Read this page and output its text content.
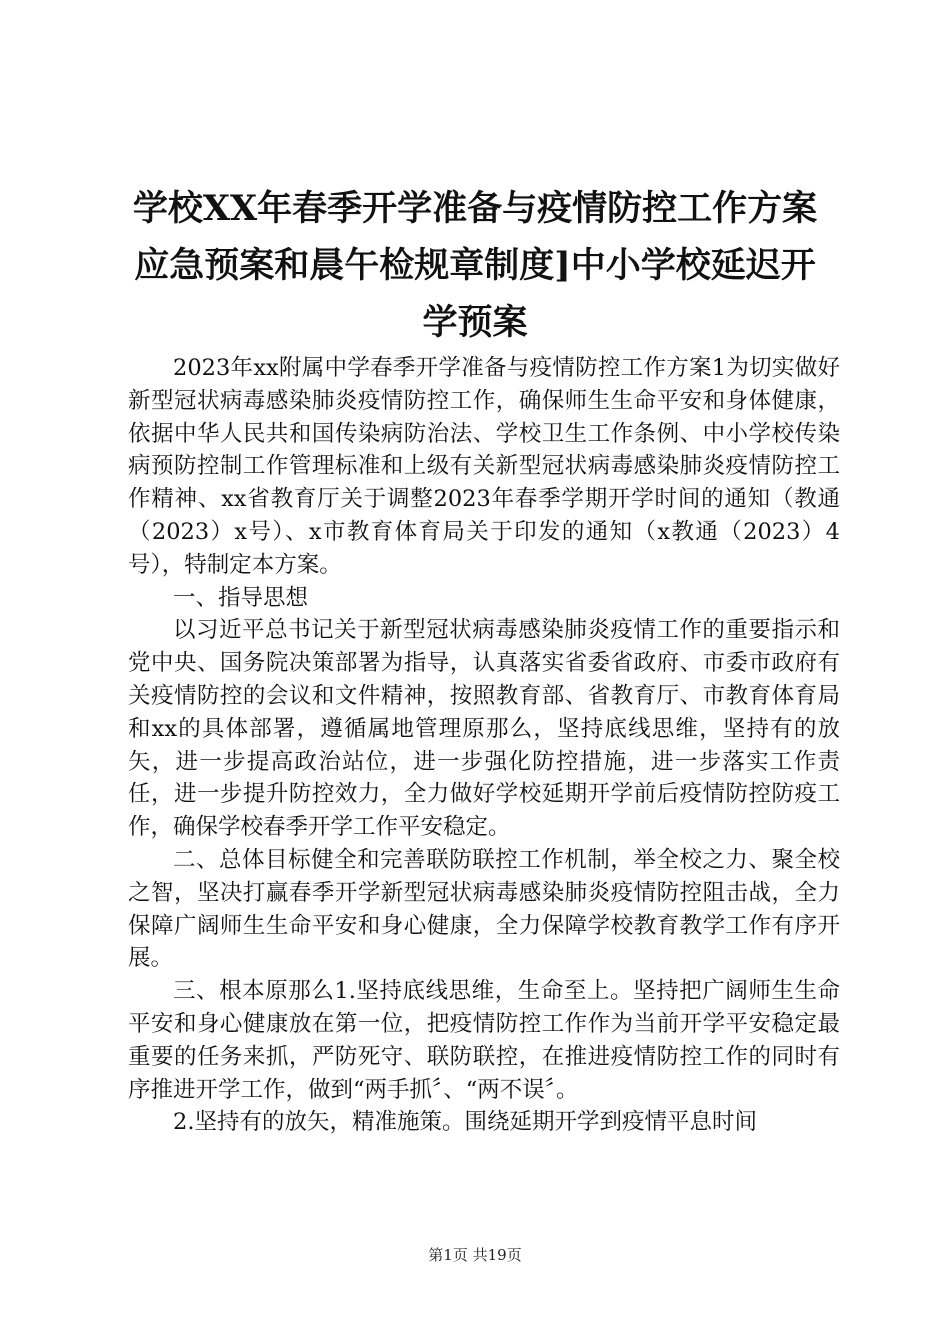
学校XX年春季开学准备与疫情防控工作方案
应急预案和晨午检规章制度]中小学校延迟开
学预案

2023年xx附属中学春季开学准备与疫情防控工作方案1为切实做好新型冠状病毒感染肺炎疫情防控工作，确保师生生命平安和身体健康，依据中华人民共和国传染病防治法、学校卫生工作条例、中小学校传染病预防控制工作管理标准和上级有关新型冠状病毒感染肺炎疫情防控工作精神、xx省教育厅关于调整2023年春季学期开学时间的通知（教通（2023）x号）、x市教育体育局关于印发的通知（x教通（2023）4号），特制定本方案。

一、指导思想

以习近平总书记关于新型冠状病毒感染肺炎疫情工作的重要指示和党中央、国务院决策部署为指导，认真落实省委省政府、市委市政府有关疫情防控的会议和文件精神，按照教育部、省教育厅、市教育体育局和xx的具体部署，遵循属地管理原那么，坚持底线思维，坚持有的放矢，进一步提高政治站位，进一步强化防控措施，进一步落实工作责任，进一步提升防控效力，全力做好学校延期开学前后疫情防控防疫工作，确保学校春季开学工作平安稳定。

二、总体目标健全和完善联防联控工作机制，举全校之力、聚全校之智，坚决打赢春季开学新型冠状病毒感染肺炎疫情防控阻击战，全力保障广阔师生生命平安和身心健康，全力保障学校教育教学工作有序开展。

三、根本原那么1.坚持底线思维，生命至上。坚持把广阔师生生命平安和身心健康放在第一位，把疫情防控工作作为当前开学平安稳定最重要的任务来抓，严防死守、联防联控，在推进疫情防控工作的同时有序推进开学工作，做到“两手抓〞、“两不误〞。

2.坚持有的放矢，精准施策。围绕延期开学到疫情平息时间

第1页 共19页
